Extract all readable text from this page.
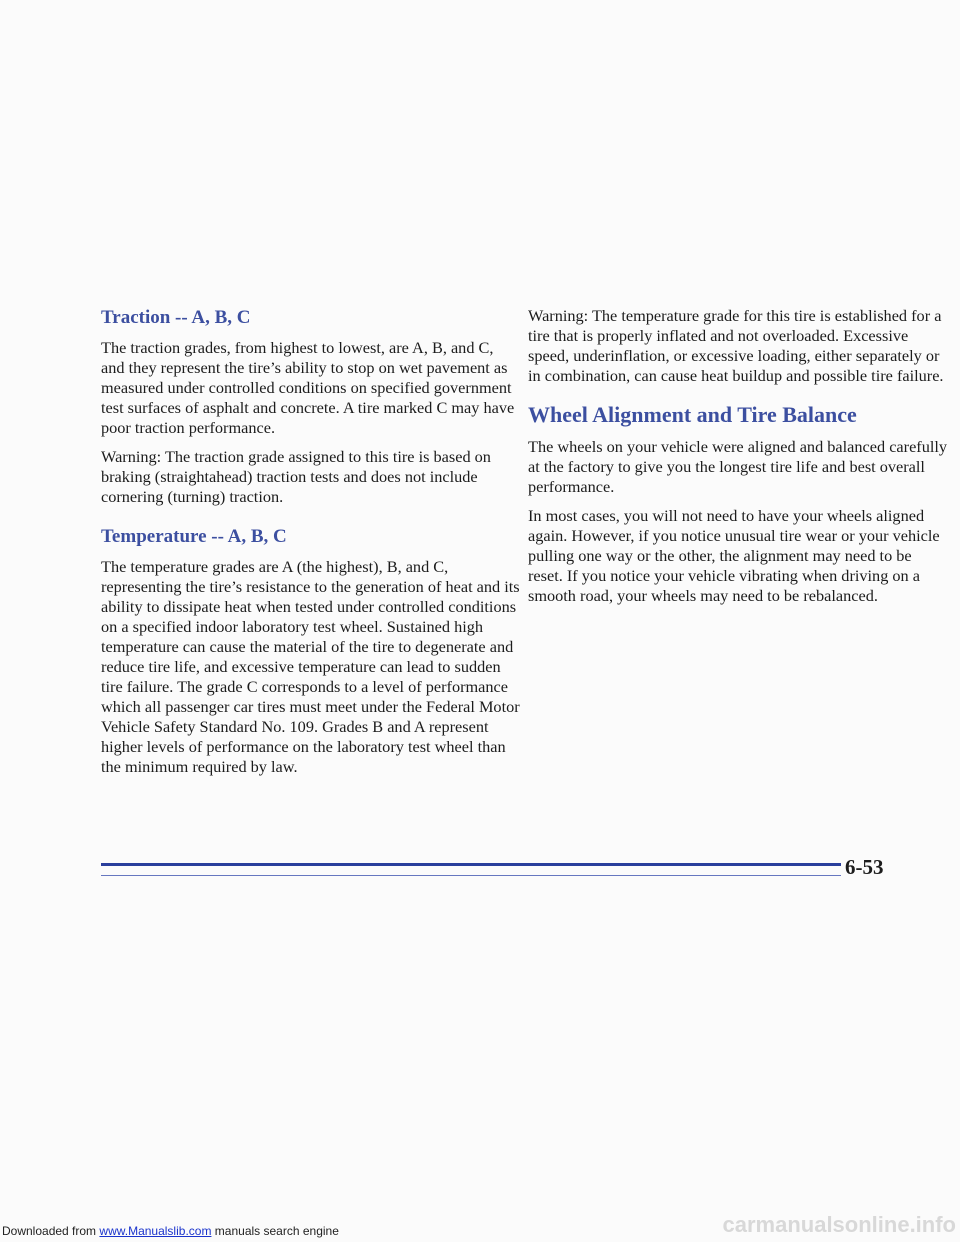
Traction -- A, B, C

The traction grades, from highest to lowest, are A, B, and C, and they represent the tire’s ability to stop on wet pavement as measured under controlled conditions on specified government test surfaces of asphalt and concrete. A tire marked C may have poor traction performance.

Warning: The traction grade assigned to this tire is based on braking (straightahead) traction tests and does not include cornering (turning) traction.

Temperature -- A, B, C

The temperature grades are A (the highest), B, and C, representing the tire’s resistance to the generation of heat and its ability to dissipate heat when tested under controlled conditions on a specified indoor laboratory test wheel. Sustained high temperature can cause the material of the tire to degenerate and reduce tire life, and excessive temperature can lead to sudden tire failure. The grade C corresponds to a level of performance which all passenger car tires must meet under the Federal Motor Vehicle Safety Standard No. 109. Grades B and A represent higher levels of performance on the laboratory test wheel than the minimum required by law.

Warning: The temperature grade for this tire is established for a tire that is properly inflated and not overloaded. Excessive speed, underinflation, or excessive loading, either separately or in combination, can cause heat buildup and possible tire failure.

Wheel Alignment and Tire Balance

The wheels on your vehicle were aligned and balanced carefully at the factory to give you the longest tire life and best overall performance.

In most cases, you will not need to have your wheels aligned again. However, if you notice unusual tire wear or your vehicle pulling one way or the other, the alignment may need to be reset. If you notice your vehicle vibrating when driving on a smooth road, your wheels may need to be rebalanced.

6-53
Downloaded from www.Manualslib.com manuals search engine	carmanualsonline.info
